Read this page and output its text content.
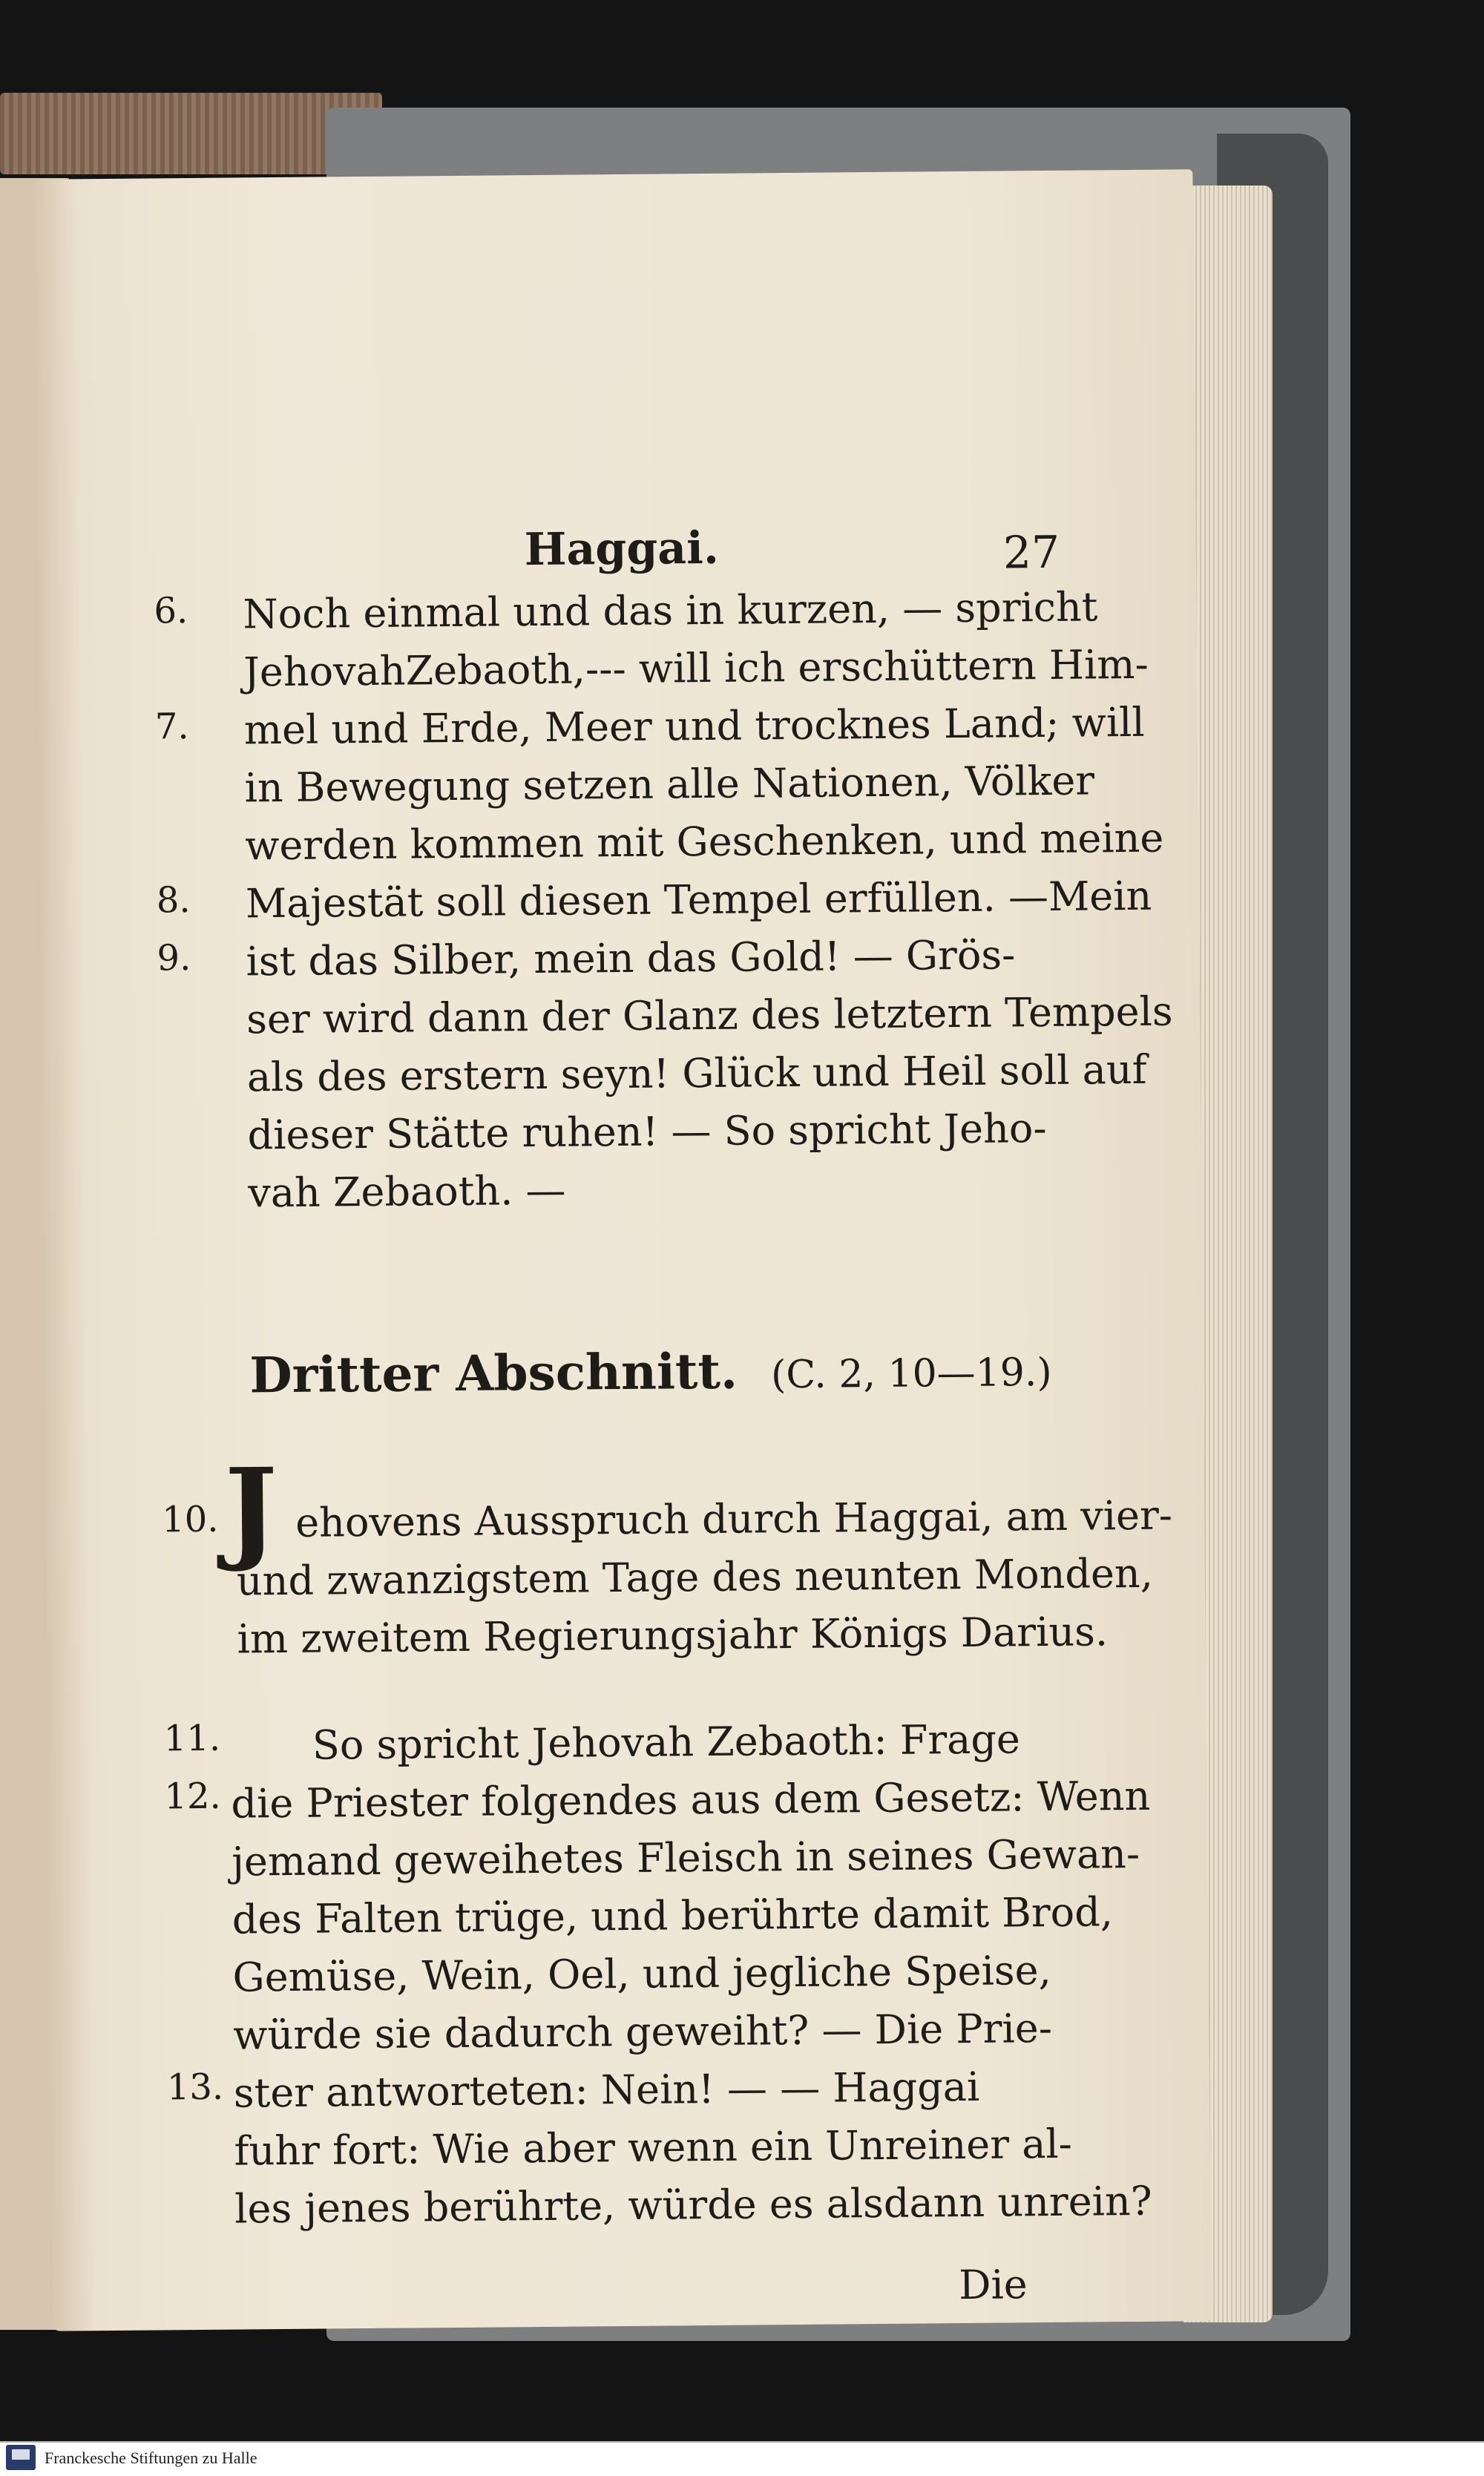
Haggai.	27
6.
7.
8.
9.

Noch einmal und das in kurzen, — spricht

JehovahZebaoth,--- will ich erschüttern Him-

mel und Erde, Meer und trocknes Land; will

in Bewegung setzen alle Nationen, Völker

werden kommen mit Geschenken, und meine

Majestät soll diesen Tempel erfüllen. —Mein

ist das Silber, mein das Gold! — Grös-

ser wird dann der Glanz des letztern Tempels

als des erstern seyn! Glück und Heil soll auf

dieser Stätte ruhen! — So spricht Jeho-

vah Zebaoth. —

Dritter Abschnitt. (C. 2, 10—19.)
10. J ehovens Ausspruch durch Haggai, am vier-

und zwanzigstem Tage des neunten Monden,

im zweitem Regierungsjahr Königs Darius.

11.
12.
13.

So spricht Jehovah Zebaoth: Frage

die Priester folgendes aus dem Gesetz: Wenn

jemand geweihetes Fleisch in seines Gewan-

des Falten trüge, und berührte damit Brod,

Gemüse, Wein, Oel, und jegliche Speise,

würde sie dadurch geweiht? — Die Prie-

ster antworteten: Nein! — — Haggai

fuhr fort: Wie aber wenn ein Unreiner al-

les jenes berührte, würde es alsdann unrein?

Die
Franckesche Stiftungen zu Halle
